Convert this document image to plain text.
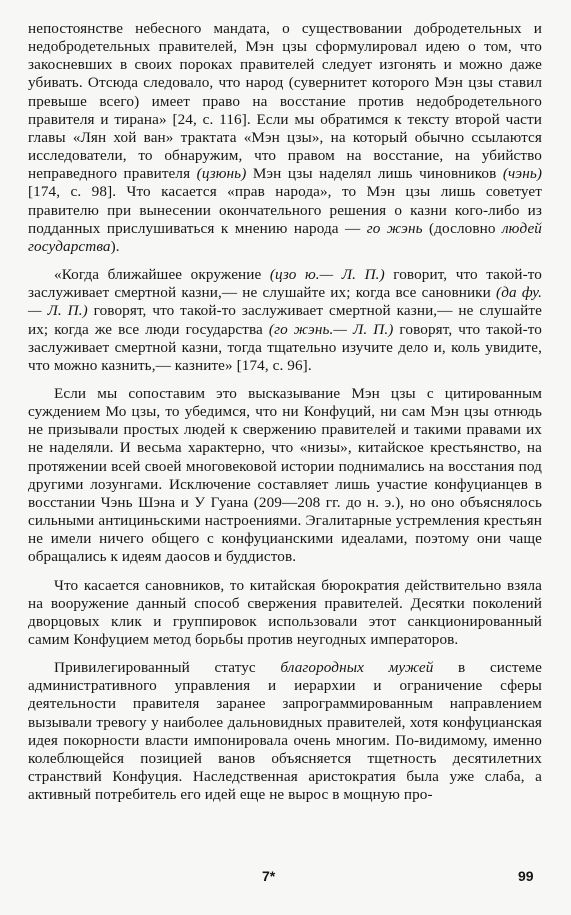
непостоянстве небесного мандата, о существовании добродетельных и недобродетельных правителей, Мэн цзы сформулировал идею о том, что закосневших в своих пороках правителей следует изгонять и можно даже убивать. Отсюда следовало, что народ (сувернитет которого Мэн цзы ставил превыше всего) имеет право на восстание против недобродетельного правителя и тирана» [24, с. 116]. Если мы обратимся к тексту второй части главы «Лян хой ван» трактата «Мэн цзы», на который обычно ссылаются исследователи, то обнаружим, что правом на восстание, на убийство неправедного правителя (цзюнь) Мэн цзы наделял лишь чиновников (чэнь) [174, с. 98]. Что касается «прав народа», то Мэн цзы лишь советует правителю при вынесении окончательного решения о казни кого-либо из подданных прислушиваться к мнению народа — го жэнь (дословно людей государства).

«Когда ближайшее окружение (цзо ю.— Л. П.) говорит, что такой-то заслуживает смертной казни,— не слушайте их; когда все сановники (да фу.— Л. П.) говорят, что такой-то заслуживает смертной казни,— не слушайте их; когда же все люди государства (го жэнь.— Л. П.) говорят, что такой-то заслуживает смертной казни, тогда тщательно изучите дело и, коль увидите, что можно казнить,— казните» [174, с. 96].

Если мы сопоставим это высказывание Мэн цзы с цитированным суждением Мо цзы, то убедимся, что ни Конфуций, ни сам Мэн цзы отнюдь не призывали простых людей к свержению правителей и такими правами их не наделяли. И весьма характерно, что «низы», китайское крестьянство, на протяжении всей своей многовековой истории поднимались на восстания под другими лозунгами. Исключение составляет лишь участие конфуцианцев в восстании Чэнь Шэна и У Гуана (209—208 гг. до н. э.), но оно объяснялось сильными антициньскими настроениями. Эгалитарные устремления крестьян не имели ничего общего с конфуцианскими идеалами, поэтому они чаще обращались к идеям даосов и буддистов.

Что касается сановников, то китайская бюрократия действительно взяла на вооружение данный способ свержения правителей. Десятки поколений дворцовых клик и группировок использовали этот санкционированный самим Конфуцием метод борьбы против неугодных императоров.

Привилегированный статус благородных мужей в системе административного управления и иерархии и ограничение сферы деятельности правителя заранее запрограммированным направлением вызывали тревогу у наиболее дальновидных правителей, хотя конфуцианская идея покорности власти импонировала очень многим. По-видимому, именно колеблющейся позицией ванов объясняется тщетность десятилетних странствий Конфуция. Наследственная аристократия была уже слаба, а активный потребитель его идей еще не вырос в мощную про-

7*	99
